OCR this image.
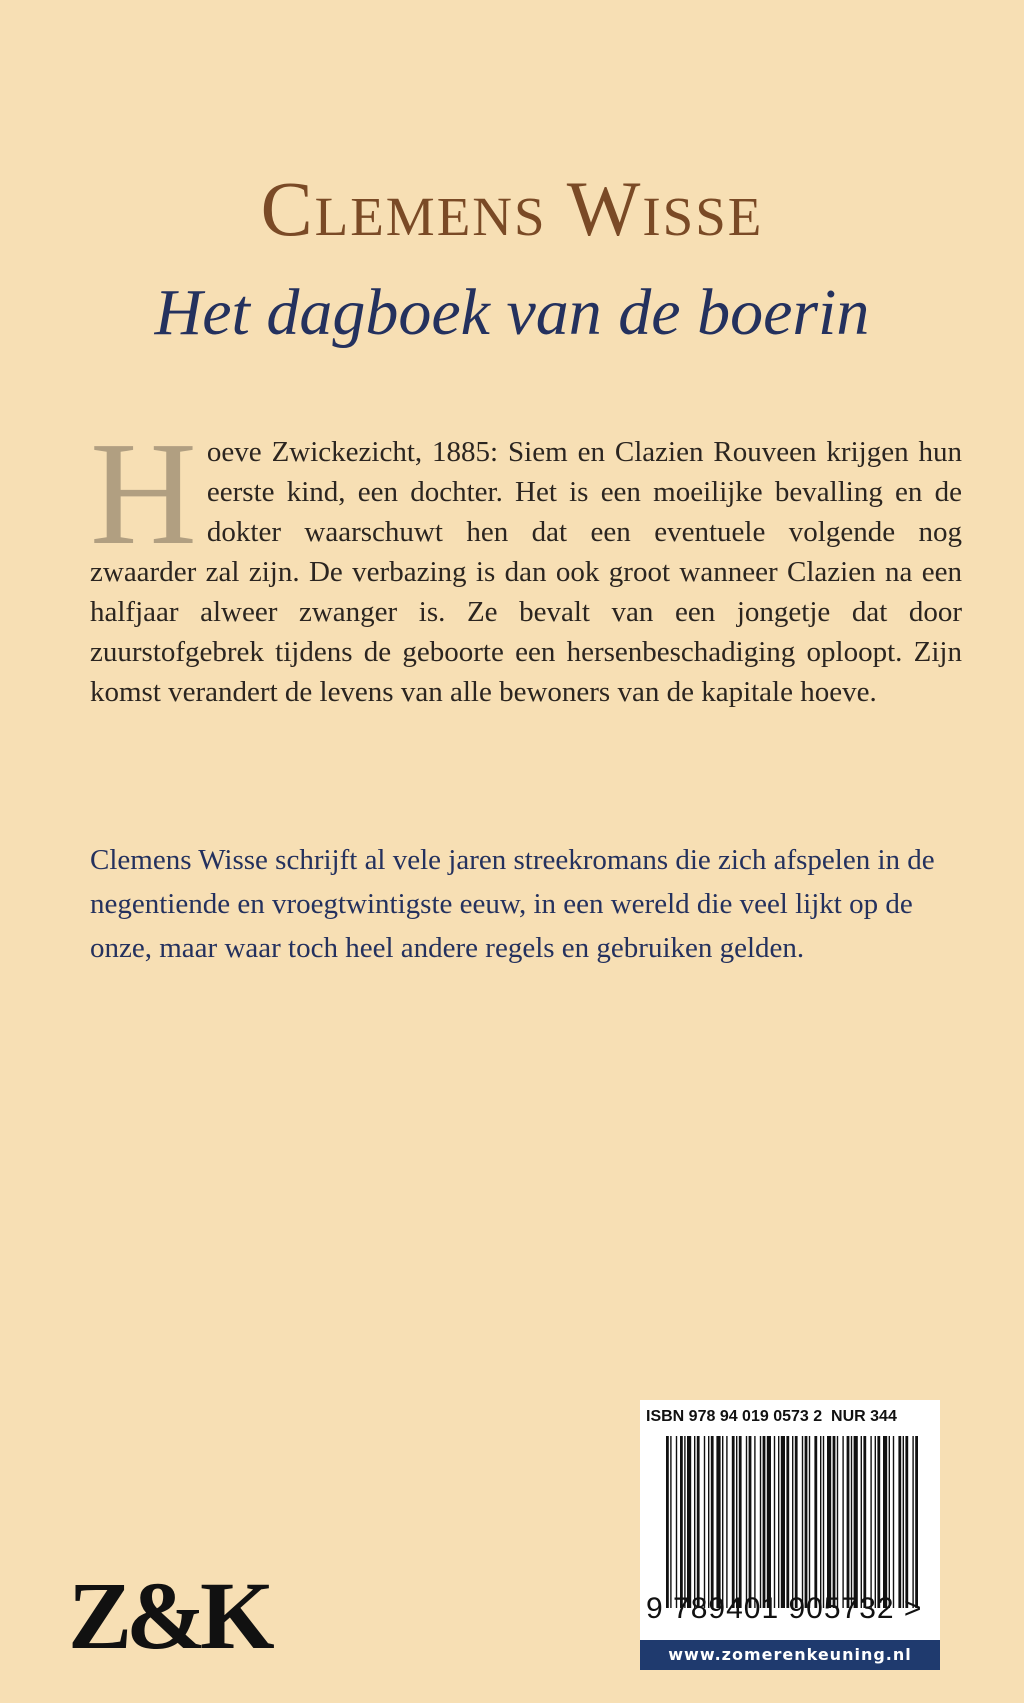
Clemens Wisse
Het dagboek van de boerin

Hoeve Zwickezicht, 1885: Siem en Clazien Rouveen krijgen hun eerste kind, een dochter. Het is een moeilijke bevalling en de dokter waarschuwt hen dat een eventuele volgende nog zwaarder zal zijn. De verbazing is dan ook groot wanneer Clazien na een halfjaar alweer zwanger is. Ze bevalt van een jongetje dat door zuurstofgebrek tijdens de geboorte een hersenbeschadiging oploopt. Zijn komst verandert de levens van alle bewoners van de kapitale hoeve.

Clemens Wisse schrijft al vele jaren streekromans die zich afspelen in de negentiende en vroegtwintigste eeuw, in een wereld die veel lijkt op de onze, maar waar toch heel andere regels en gebruiken gelden.

Z&K
ISBN 978 94 019 0573 2 NUR 344
9 789401 905732 >
www.zomerenkeuning.nl
